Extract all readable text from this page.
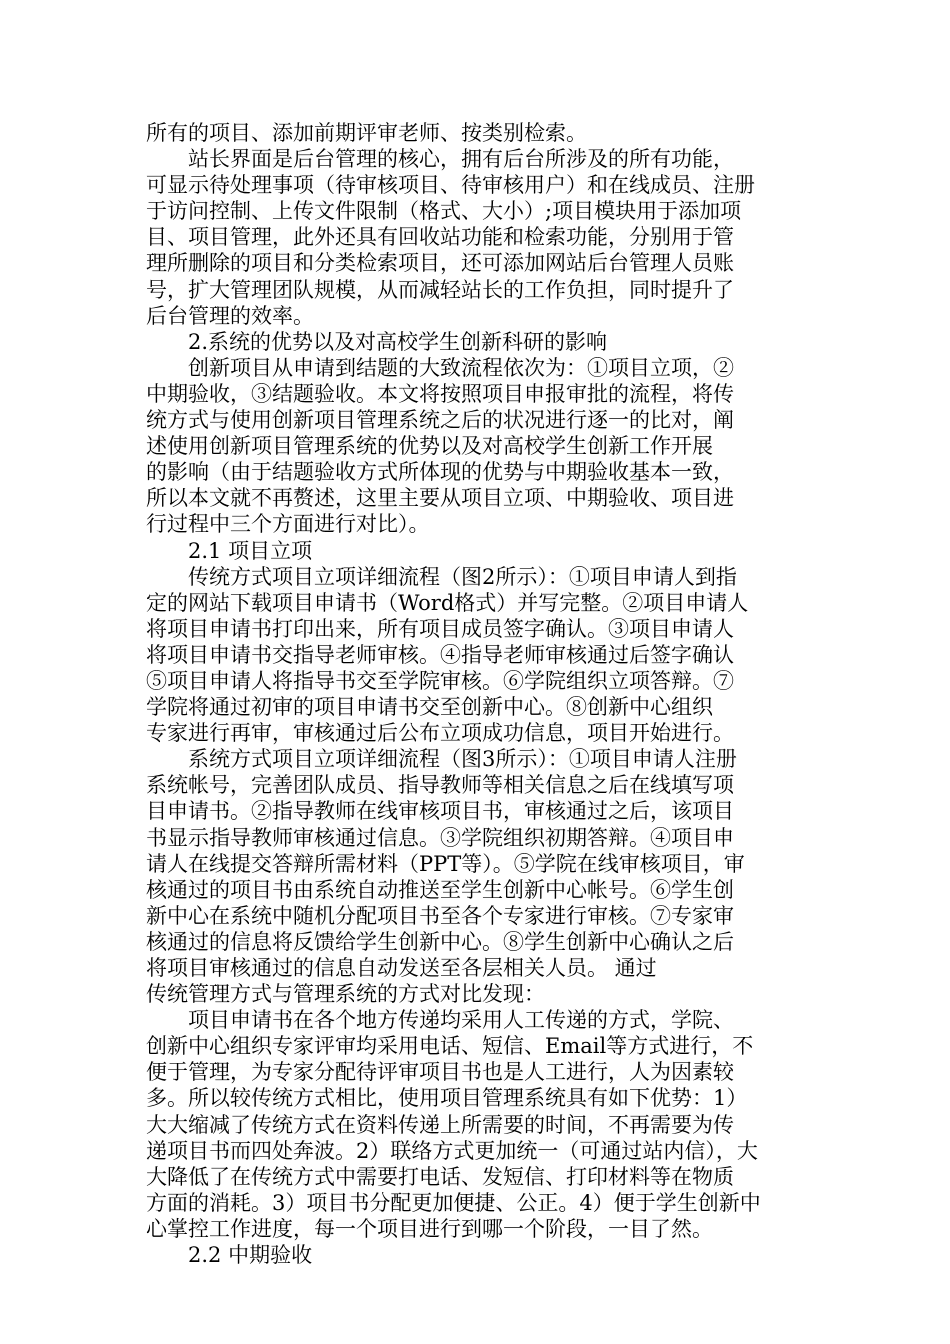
所有的项目、添加前期评审老师、按类别检索。
站长界面是后台管理的核心，拥有后台所涉及的所有功能，
可显示待处理事项（待审核项目、待审核用户）和在线成员、注册
于访问控制、上传文件限制（格式、大小）;项目模块用于添加项
目、项目管理，此外还具有回收站功能和检索功能，分别用于管
理所删除的项目和分类检索项目，还可添加网站后台管理人员账
号，扩大管理团队规模，从而减轻站长的工作负担，同时提升了
后台管理的效率。
2.系统的优势以及对高校学生创新科研的影响
创新项目从申请到结题的大致流程依次为：①项目立项，②
中期验收，③结题验收。本文将按照项目申报审批的流程，将传
统方式与使用创新项目管理系统之后的状况进行逐一的比对，阐
述使用创新项目管理系统的优势以及对高校学生创新工作开展
的影响（由于结题验收方式所体现的优势与中期验收基本一致，
所以本文就不再赘述，这里主要从项目立项、中期验收、项目进
行过程中三个方面进行对比）。
2.1 项目立项
传统方式项目立项详细流程（图2所示）：①项目申请人到指
定的网站下载项目申请书（Word格式）并写完整。②项目申请人
将项目申请书打印出来，所有项目成员签字确认。③项目申请人
将项目申请书交指导老师审核。④指导老师审核通过后签字确认
⑤项目申请人将指导书交至学院审核。⑥学院组织立项答辩。⑦
学院将通过初审的项目申请书交至创新中心。⑧创新中心组织
专家进行再审，审核通过后公布立项成功信息，项目开始进行。
系统方式项目立项详细流程（图3所示）：①项目申请人注册
系统帐号，完善团队成员、指导教师等相关信息之后在线填写项
目申请书。②指导教师在线审核项目书，审核通过之后，该项目
书显示指导教师审核通过信息。③学院组织初期答辩。④项目申
请人在线提交答辩所需材料（PPT等）。⑤学院在线审核项目，审
核通过的项目书由系统自动推送至学生创新中心帐号。⑥学生创
新中心在系统中随机分配项目书至各个专家进行审核。⑦专家审
核通过的信息将反馈给学生创新中心。⑧学生创新中心确认之后
将项目审核通过的信息自动发送至各层相关人员。 通过
传统管理方式与管理系统的方式对比发现：
项目申请书在各个地方传递均采用人工传递的方式，学院、
创新中心组织专家评审均采用电话、短信、Email等方式进行，不
便于管理，为专家分配待评审项目书也是人工进行，人为因素较
多。所以较传统方式相比，使用项目管理系统具有如下优势：1）
大大缩减了传统方式在资料传递上所需要的时间，不再需要为传
递项目书而四处奔波。2）联络方式更加统一（可通过站内信），大
大降低了在传统方式中需要打电话、发短信、打印材料等在物质
方面的消耗。3）项目书分配更加便捷、公正。4）便于学生创新中
心掌控工作进度，每一个项目进行到哪一个阶段，一目了然。
2.2 中期验收
